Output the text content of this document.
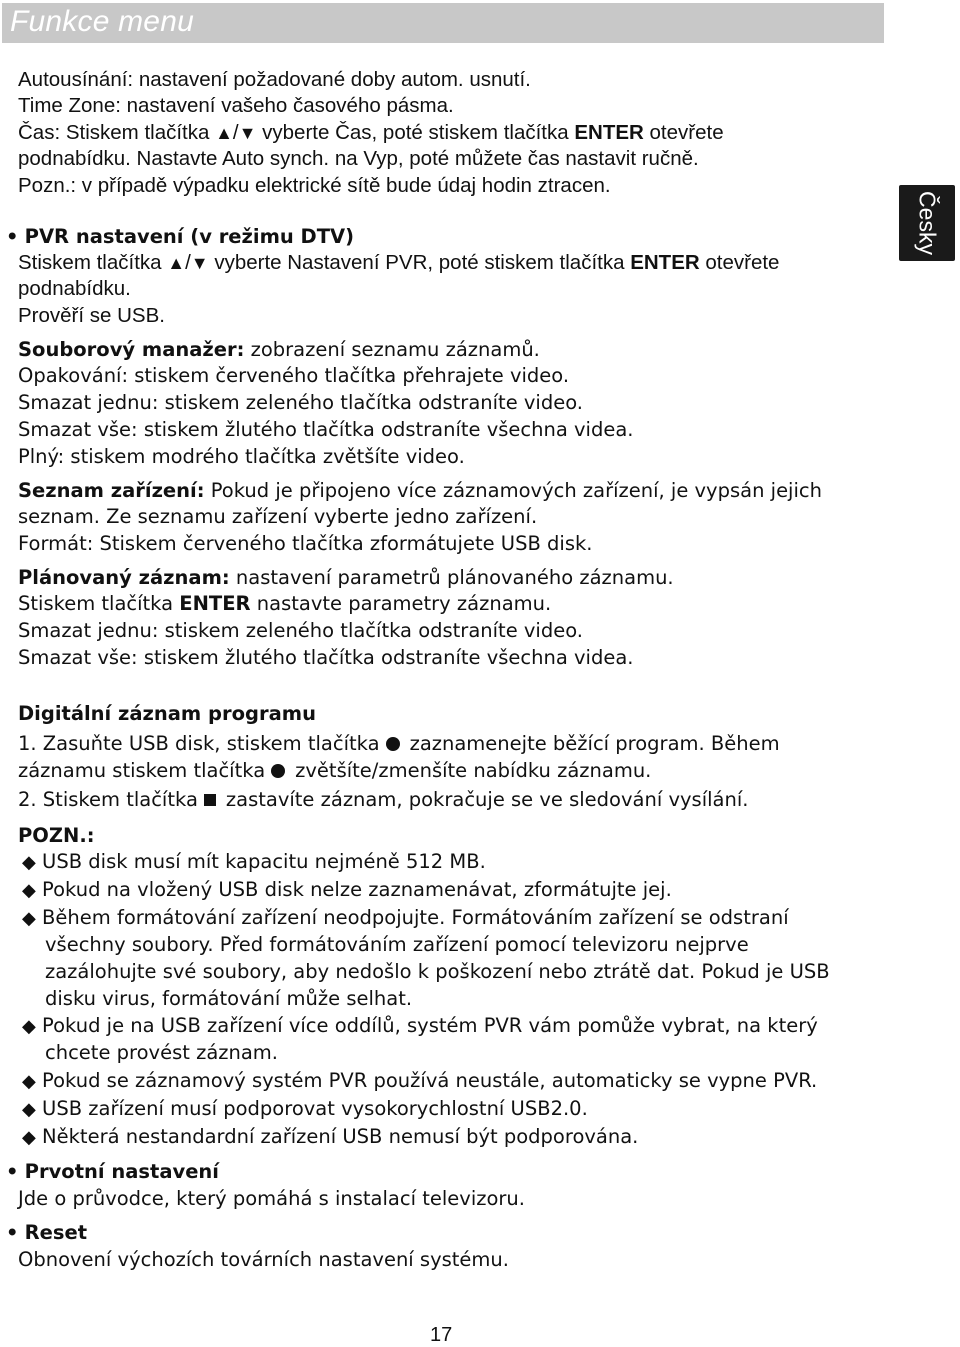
Funkce menu
Česky
Autousínání: nastavení požadované doby autom. usnutí.
Time Zone: nastavení vašeho časového pásma.
Čas: Stiskem tlačítka ▲/▼ vyberte Čas, poté stiskem tlačítka ENTER otevřete
podnabídku. Nastavte Auto synch. na Vyp, poté můžete čas nastavit ručně.
Pozn.: v případě výpadku elektrické sítě bude údaj hodin ztracen.
• PVR nastavení (v režimu DTV)
Stiskem tlačítka ▲/▼ vyberte Nastavení PVR, poté stiskem tlačítka ENTER otevřete
podnabídku.
Prověří se USB.
Souborový manažer: zobrazení seznamu záznamů.
Opakování: stiskem červeného tlačítka přehrajete video.
Smazat jednu: stiskem zeleného tlačítka odstraníte video.
Smazat vše: stiskem žlutého tlačítka odstraníte všechna videa.
Plný: stiskem modrého tlačítka zvětšíte video.
Seznam zařízení: Pokud je připojeno více záznamových zařízení, je vypsán jejich
seznam. Ze seznamu zařízení vyberte jedno zařízení.
Formát: Stiskem červeného tlačítka zformátujete USB disk.
Plánovaný záznam: nastavení parametrů plánovaného záznamu.
Stiskem tlačítka ENTER nastavte parametry záznamu.
Smazat jednu: stiskem zeleného tlačítka odstraníte video.
Smazat vše: stiskem žlutého tlačítka odstraníte všechna videa.
Digitální záznam programu
1. Zasuňte USB disk, stiskem tlačítka zaznamenejte běžící program. Během
záznamu stiskem tlačítka zvětšíte/zmenšíte nabídku záznamu.
2. Stiskem tlačítka zastavíte záznam, pokračuje se ve sledování vysílání.
POZN.:
◆ USB disk musí mít kapacitu nejméně 512 MB.
◆ Pokud na vložený USB disk nelze zaznamenávat, zformátujte jej.
◆ Během formátování zařízení neodpojujte. Formátováním zařízení se odstraní
všechny soubory. Před formátováním zařízení pomocí televizoru nejprve
zazálohujte své soubory, aby nedošlo k poškození nebo ztrátě dat. Pokud je USB
disku virus, formátování může selhat.
◆ Pokud je na USB zařízení více oddílů, systém PVR vám pomůže vybrat, na který
chcete provést záznam.
◆ Pokud se záznamový systém PVR používá neustále, automaticky se vypne PVR.
◆ USB zařízení musí podporovat vysokorychlostní USB2.0.
◆ Některá nestandardní zařízení USB nemusí být podporována.
• Prvotní nastavení
Jde o průvodce, který pomáhá s instalací televizoru.
• Reset
Obnovení výchozích továrních nastavení systému.
17
